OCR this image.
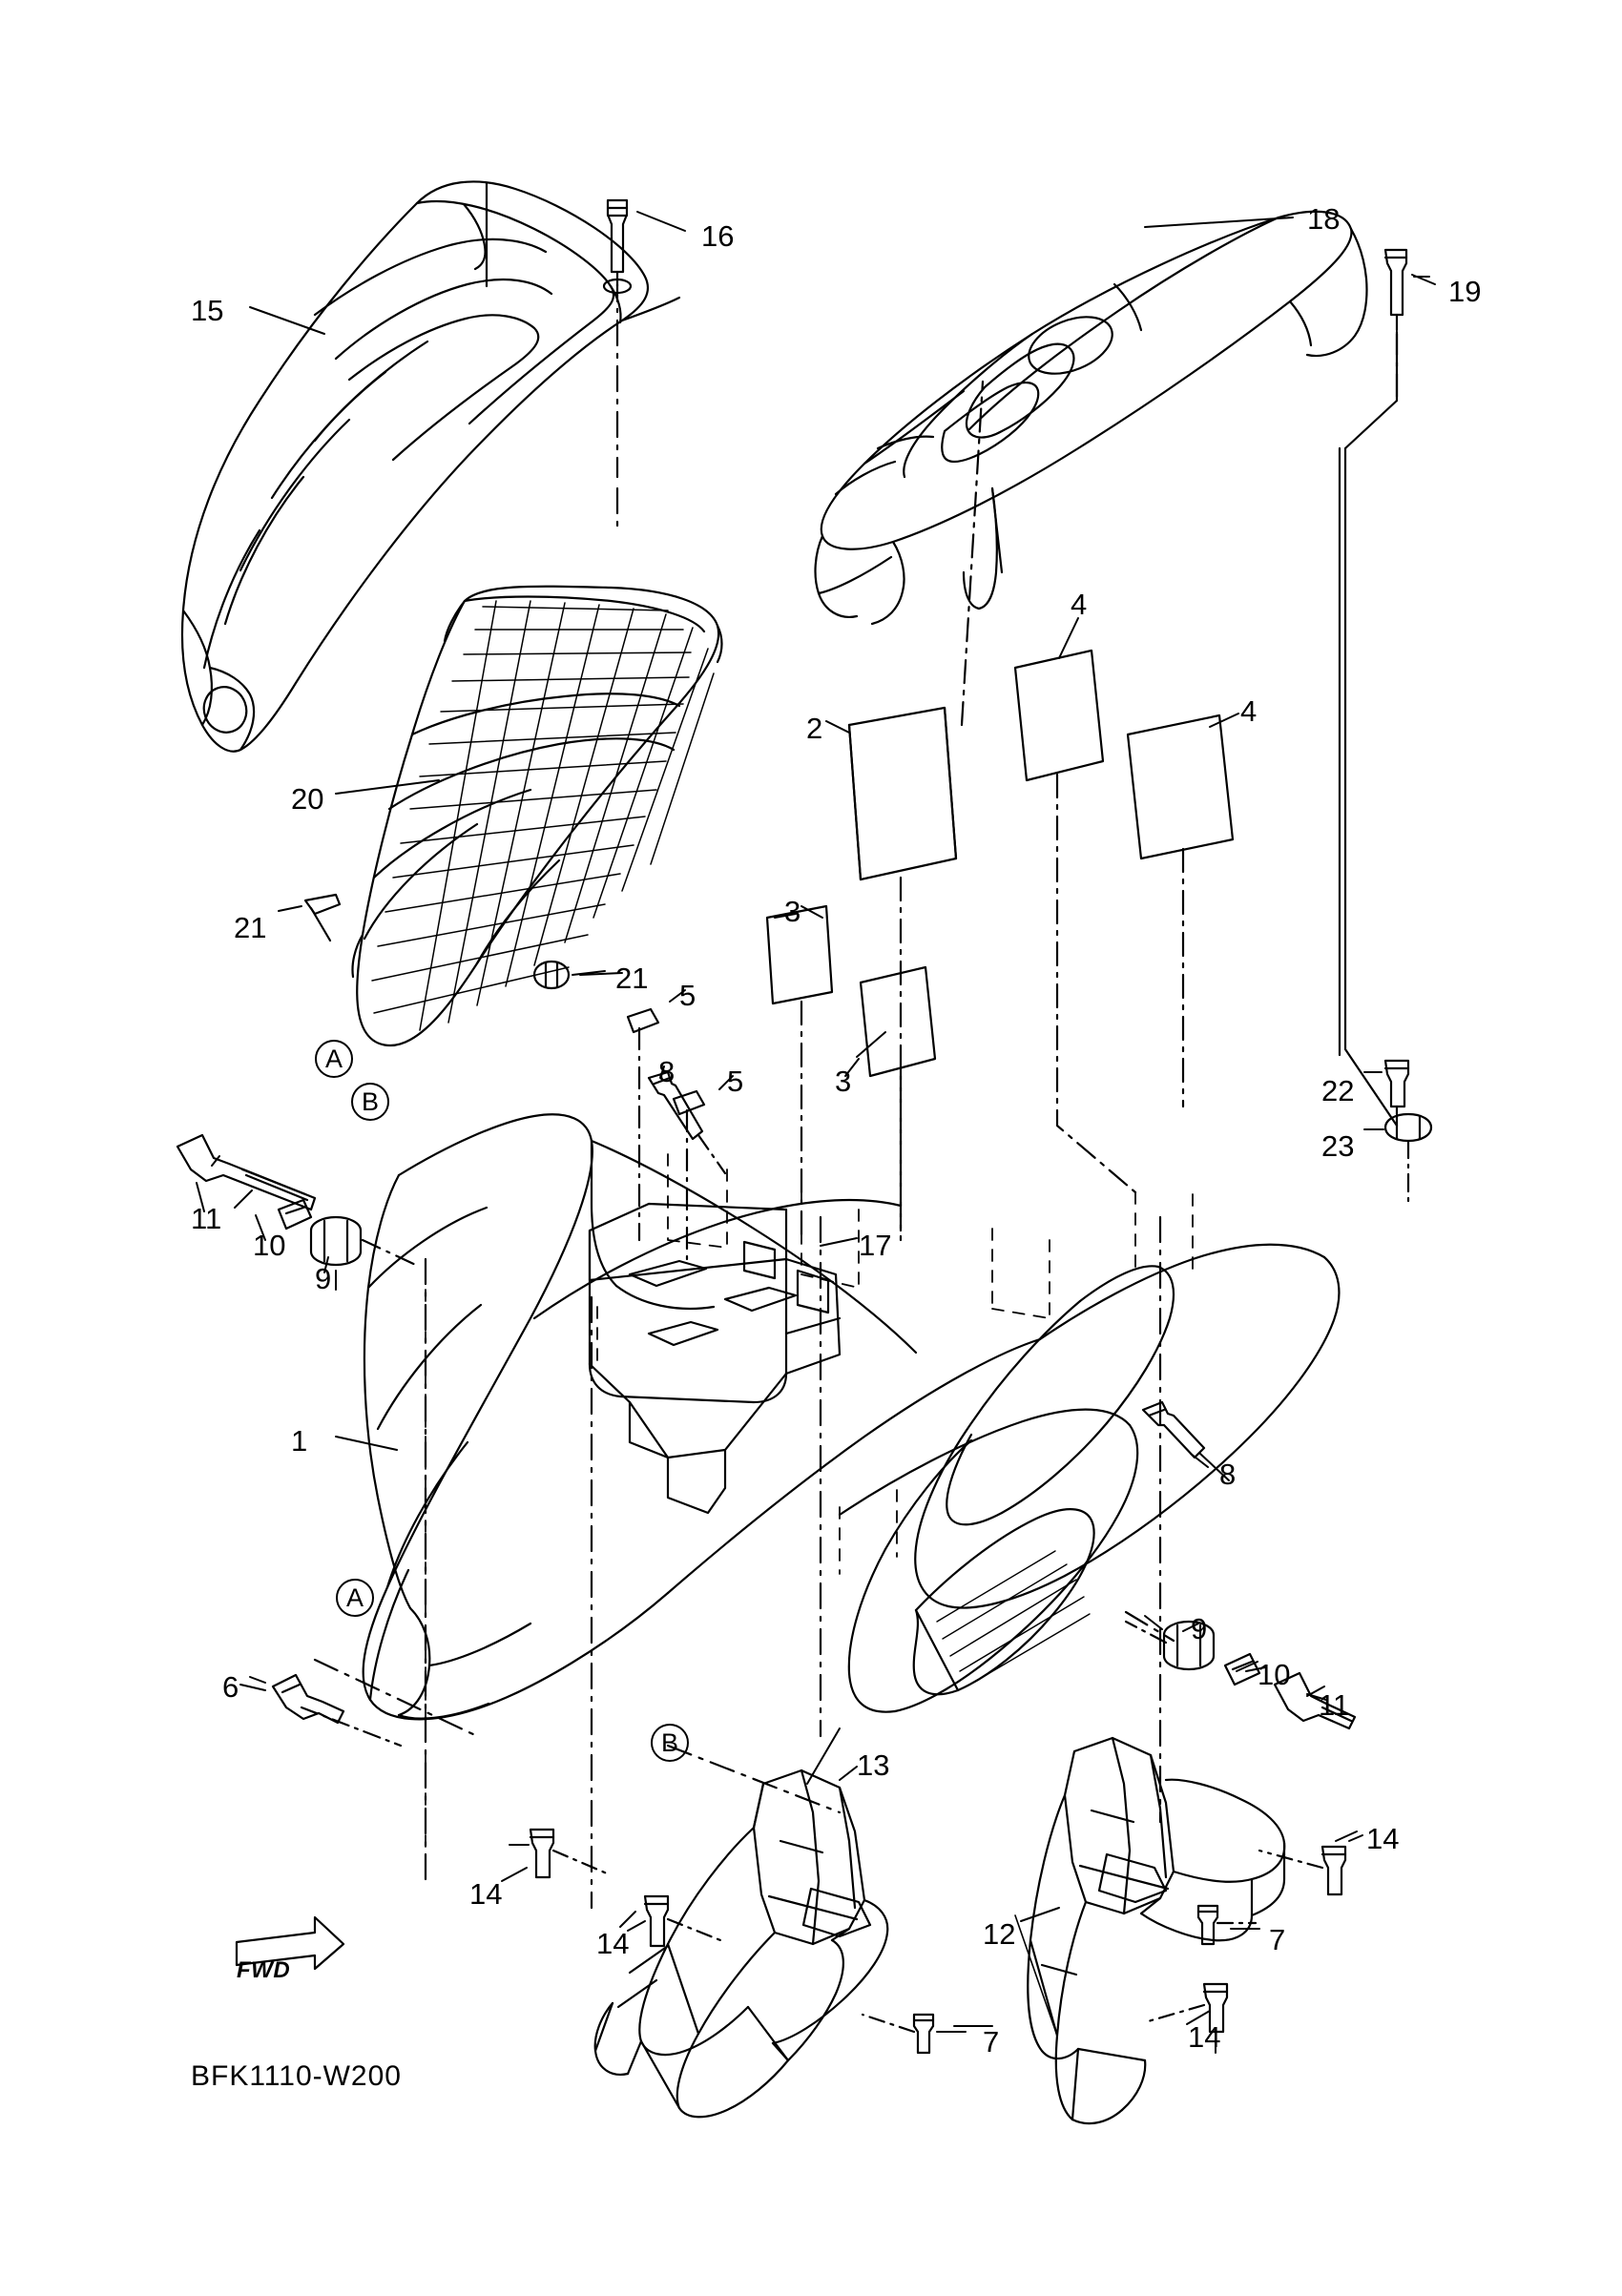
15
16
18
19
4
4
2
3
3
20
21
21
5
8 5	22
23
11
10
9
17
1
8
9
10
11
6
13
14
14
14	12	7
7	14
A
B
A
B
FWD
BFK1110-W200
